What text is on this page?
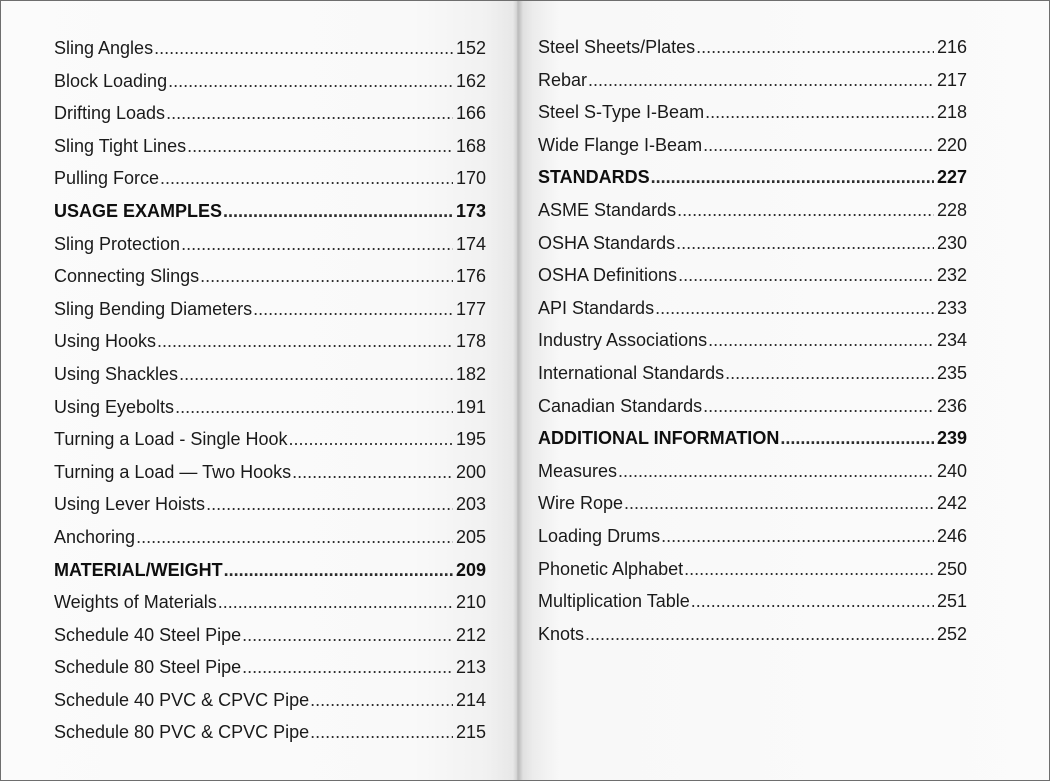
Sling Angles .....	152
Block Loading .....	162
Drifting Loads .....	166
Sling Tight Lines .....	168
Pulling Force .....	170
USAGE EXAMPLES .....	173
Sling Protection .....	174
Connecting Slings .....	176
Sling Bending Diameters .....	177
Using Hooks .....	178
Using Shackles .....	182
Using Eyebolts .....	191
Turning a Load - Single Hook .....	195
Turning a Load — Two Hooks .....	200
Using Lever Hoists .....	203
Anchoring .....	205
MATERIAL/WEIGHT .....	209
Weights of Materials .....	210
Schedule 40 Steel Pipe .....	212
Schedule 80 Steel Pipe .....	213
Schedule 40 PVC & CPVC Pipe .....	214
Schedule 80 PVC & CPVC Pipe .....	215
Steel Sheets/Plates .....	216
Rebar .....	217
Steel S-Type I-Beam .....	218
Wide Flange I-Beam .....	220
STANDARDS .....	227
ASME Standards .....	228
OSHA Standards .....	230
OSHA Definitions .....	232
API Standards .....	233
Industry Associations .....	234
International Standards .....	235
Canadian Standards .....	236
ADDITIONAL INFORMATION .....	239
Measures .....	240
Wire Rope .....	242
Loading Drums .....	246
Phonetic Alphabet .....	250
Multiplication Table .....	251
Knots .....	252
